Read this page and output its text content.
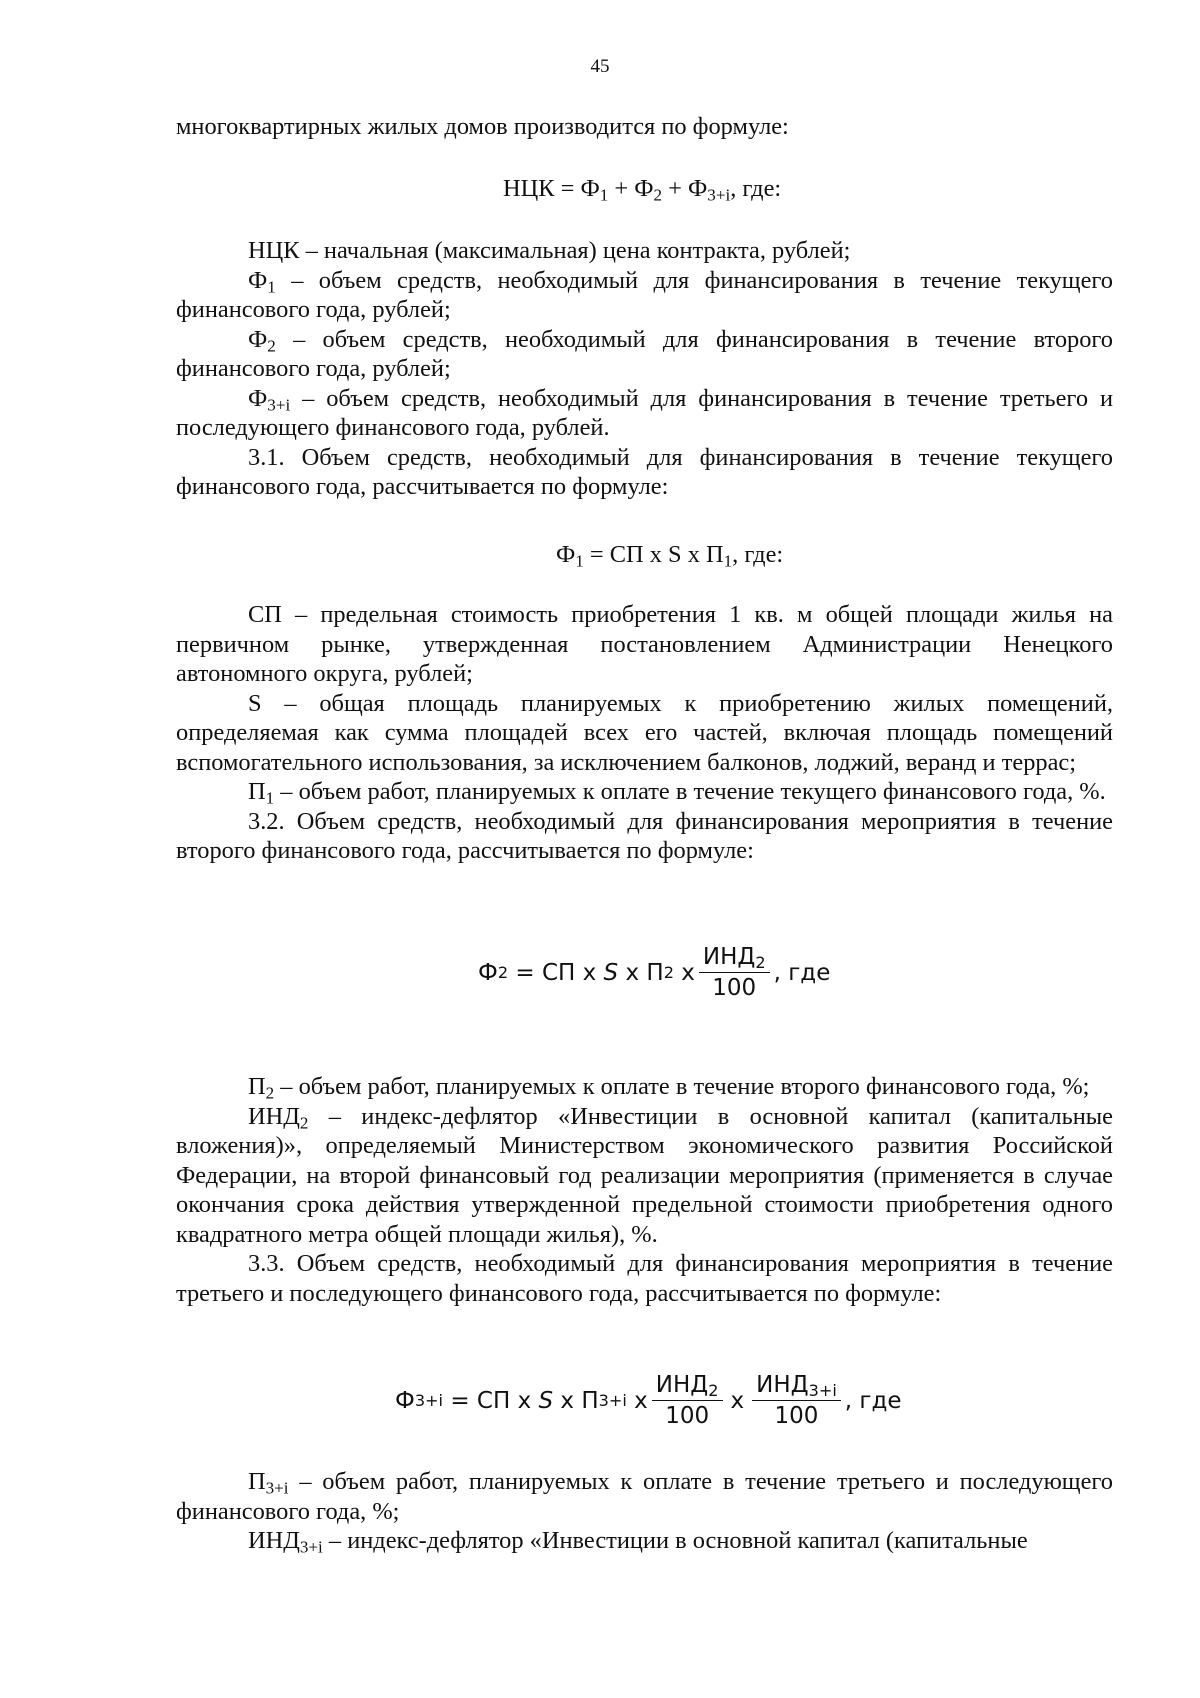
45

многоквартирных жилых домов производится по формуле:

НЦК = $Ф_1 + Ф_2 + Ф_{3+i}$, где:

НЦК – начальная (максимальная) цена контракта, рублей;

$Ф_1$ – объем средств, необходимый для финансирования в течение текущего финансового года, рублей;

$Ф_2$ – объем средств, необходимый для финансирования в течение второго финансового года, рублей;

$Ф_{3+i}$ – объем средств, необходимый для финансирования в течение третьего и последующего финансового года, рублей.

3.1. Объем средств, необходимый для финансирования в течение текущего финансового года, рассчитывается по формуле:

$Ф_1$ = СП х S х $П_1$, где:

СП – предельная стоимость приобретения 1 кв. м общей площади жилья на первичном рынке, утвержденная постановлением Администрации Ненецкого автономного округа, рублей;

S – общая площадь планируемых к приобретению жилых помещений, определяемая как сумма площадей всех его частей, включая площадь помещений вспомогательного использования, за исключением балконов, лоджий, веранд и террас;

$П_1$ – объем работ, планируемых к оплате в течение текущего финансового года, %.

3.2. Объем средств, необходимый для финансирования мероприятия в течение второго финансового года, рассчитывается по формуле:

Ф 2 = СП х S х П 2 х $\frac{ИНД_2}{100}$ , где

$П_2$ – объем работ, планируемых к оплате в течение второго финансового года, %;

$ИНД_2$ – индекс-дефлятор «Инвестиции в основной капитал (капитальные вложения)», определяемый Министерством экономического развития Российской Федерации, на второй финансовый год реализации мероприятия (применяется в случае окончания срока действия утвержденной предельной стоимости приобретения одного квадратного метра общей площади жилья), %.

3.3. Объем средств, необходимый для финансирования мероприятия в течение третьего и последующего финансового года, рассчитывается по формуле:

Ф 3+i = СП х S х П 3+i х $\frac{ИНД_2}{100}$ х $\frac{ИНД_{3+i}}{100}$ , где

$П_{3+i}$ – объем работ, планируемых к оплате в течение третьего и последующего финансового года, %;

$ИНД_{3+i}$ – индекс-дефлятор «Инвестиции в основной капитал (капитальные
